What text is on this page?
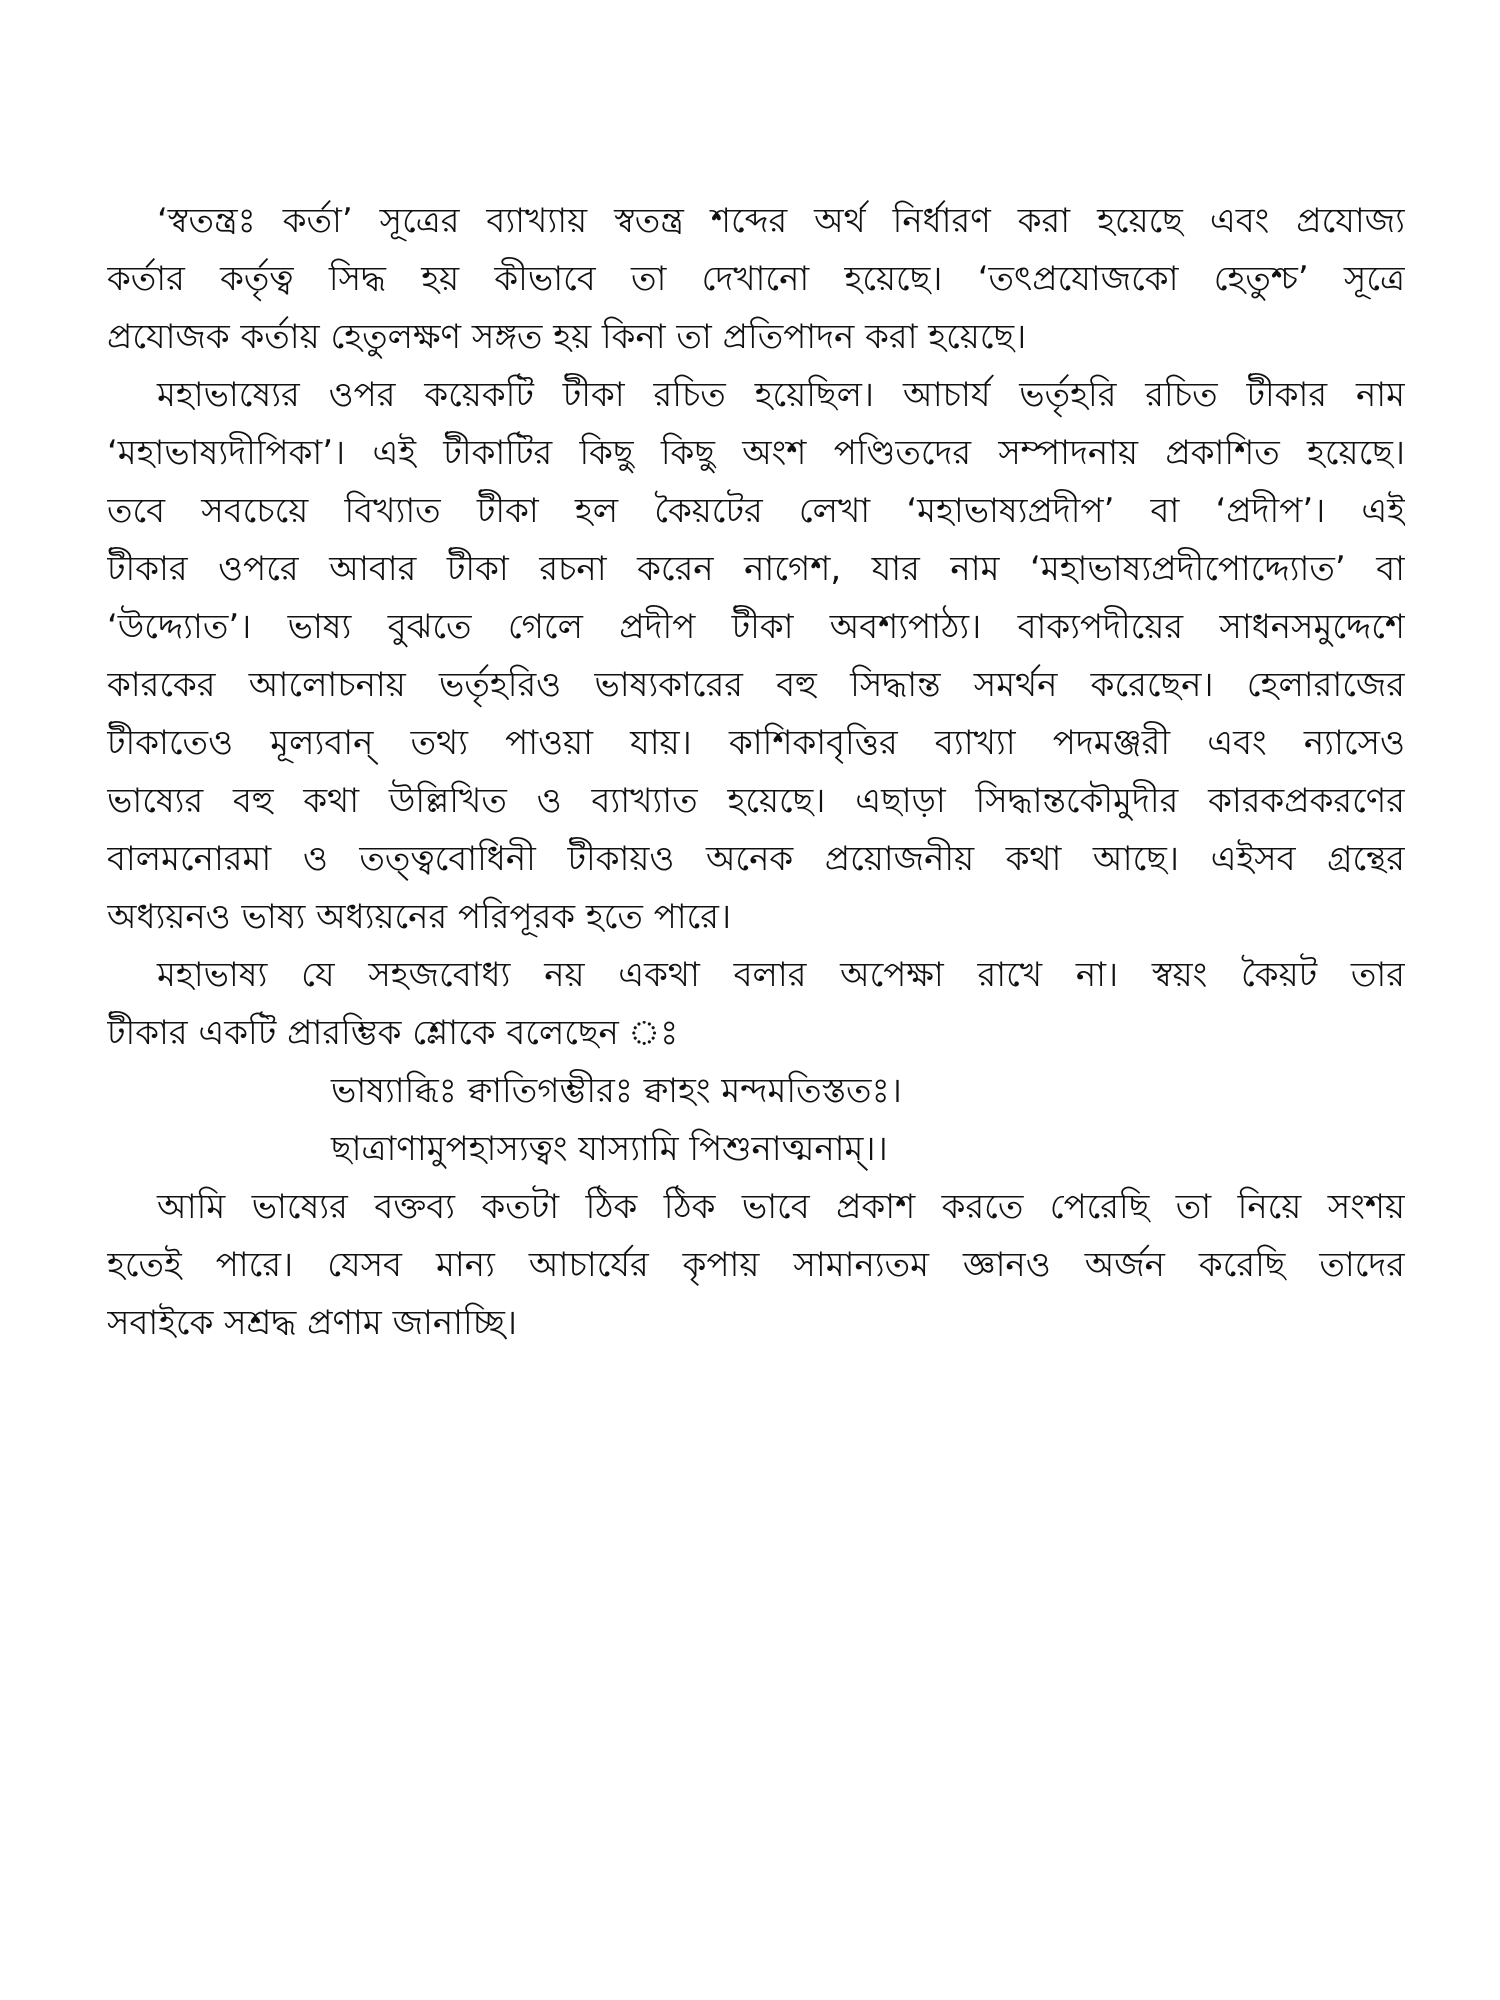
‘স্বতন্ত্রঃ কর্তা’ সূত্রের ব্যাখ্যায় স্বতন্ত্র শব্দের অর্থ নির্ধারণ করা হয়েছে এবং প্রযোজ্য
কর্তার কর্তৃত্ব সিদ্ধ হয় কীভাবে তা দেখানো হয়েছে। ‘তৎপ্রযোজকো হেতুশ্চ’ সূত্রে
প্রযোজক কর্তায় হেতুলক্ষণ সঙ্গত হয় কিনা তা প্রতিপাদন করা হয়েছে।
মহাভাষ্যের ওপর কয়েকটি টীকা রচিত হয়েছিল। আচার্য ভর্তৃহরি রচিত টীকার নাম
‘মহাভাষ্যদীপিকা’। এই টীকাটির কিছু কিছু অংশ পণ্ডিতদের সম্পাদনায় প্রকাশিত হয়েছে।
তবে সবচেয়ে বিখ্যাত টীকা হল কৈয়টের লেখা ‘মহাভাষ্যপ্রদীপ’ বা ‘প্রদীপ’। এই
টীকার ওপরে আবার টীকা রচনা করেন নাগেশ, যার নাম ‘মহাভাষ্যপ্রদীপোদ্দ্যোত’ বা
‘উদ্দ্যোত’। ভাষ্য বুঝতে গেলে প্রদীপ টীকা অবশ্যপাঠ্য। বাক্যপদীয়ের সাধনসমুদ্দেশে
কারকের আলোচনায় ভর্তৃহরিও ভাষ্যকারের বহু সিদ্ধান্ত সমর্থন করেছেন। হেলারাজের
টীকাতেও মূল্যবান্ তথ্য পাওয়া যায়। কাশিকাবৃত্তির ব্যাখ্যা পদমঞ্জরী এবং ন্যাসেও
ভাষ্যের বহু কথা উল্লিখিত ও ব্যাখ্যাত হয়েছে। এছাড়া সিদ্ধান্তকৌমুদীর কারকপ্রকরণের
বালমনোরমা ও তত্ত্ববোধিনী টীকায়ও অনেক প্রয়োজনীয় কথা আছে। এইসব গ্রন্থের
অধ্যয়নও ভাষ্য অধ্যয়নের পরিপূরক হতে পারে।
মহাভাষ্য যে সহজবোধ্য নয় একথা বলার অপেক্ষা রাখে না। স্বয়ং কৈয়ট তার
টীকার একটি প্রারম্ভিক শ্লোকে বলেছেন ঃ
ভাষ্যাব্ধিঃ ক্বাতিগম্ভীরঃ ক্বাহং মন্দমতিস্ততঃ।
ছাত্রাণামুপহাস্যত্বং যাস্যামি পিশুনাত্মনাম্।।
আমি ভাষ্যের বক্তব্য কতটা ঠিক ঠিক ভাবে প্রকাশ করতে পেরেছি তা নিয়ে সংশয়
হতেই পারে। যেসব মান্য আচার্যের কৃপায় সামান্যতম জ্ঞানও অর্জন করেছি তাদের
সবাইকে সশ্রদ্ধ প্রণাম জানাচ্ছি।
